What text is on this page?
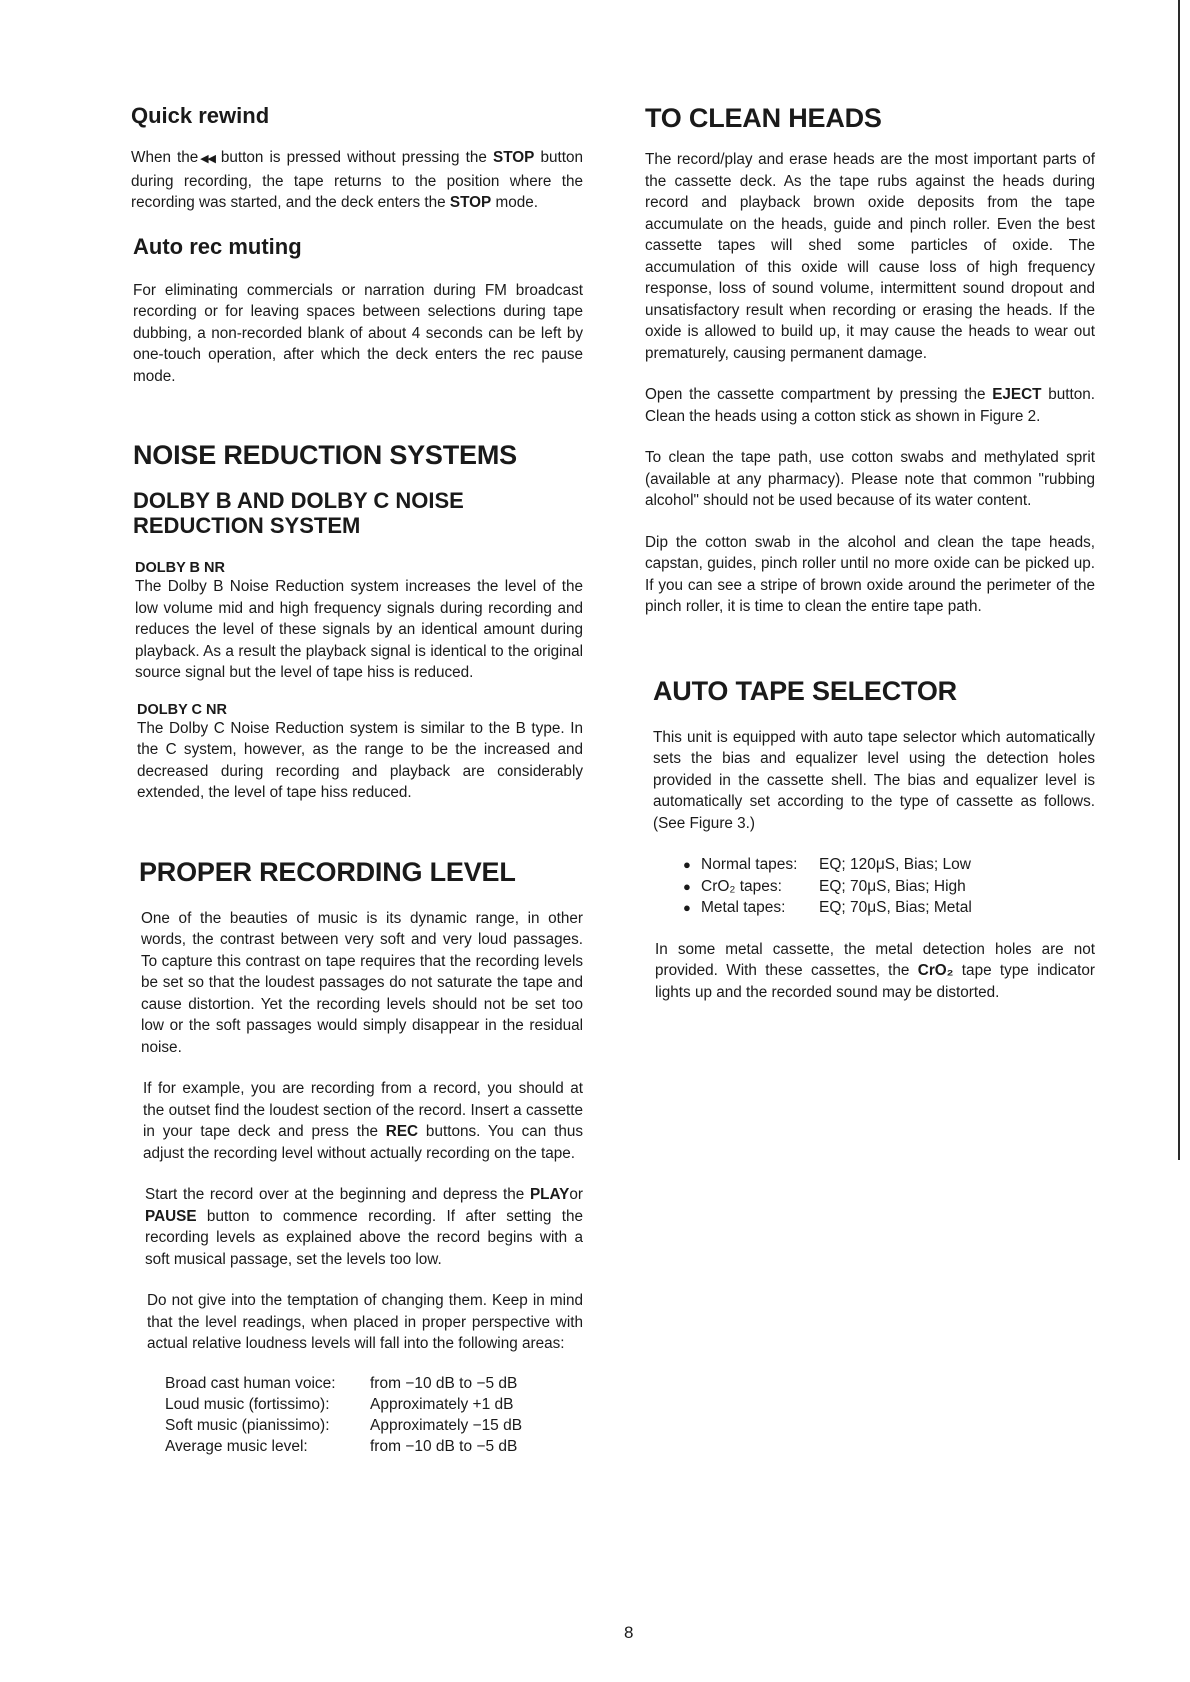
Quick rewind

When the◀◀ button is pressed without pressing the STOP button during recording, the tape returns to the position where the recording was started, and the deck enters the STOP mode.

Auto rec muting

For eliminating commercials or narration during FM broadcast recording or for leaving spaces between selections during tape dubbing, a non-recorded blank of about 4 seconds can be left by one-touch operation, after which the deck enters the rec pause mode.

NOISE REDUCTION SYSTEMS
DOLBY B AND DOLBY C NOISE REDUCTION SYSTEM
DOLBY B NR

The Dolby B Noise Reduction system increases the level of the low volume mid and high frequency signals during recording and reduces the level of these signals by an identical amount during playback. As a result the playback signal is identical to the original source signal but the level of tape hiss is reduced.

DOLBY C NR

The Dolby C Noise Reduction system is similar to the B type. In the C system, however, as the range to be the increased and decreased during recording and playback are considerably extended, the level of tape hiss reduced.

PROPER RECORDING LEVEL

One of the beauties of music is its dynamic range, in other words, the contrast between very soft and very loud passages. To capture this contrast on tape requires that the recording levels be set so that the loudest passages do not saturate the tape and cause distortion. Yet the recording levels should not be set too low or the soft passages would simply disappear in the residual noise.

If for example, you are recording from a record, you should at the outset find the loudest section of the record. Insert a cassette in your tape deck and press the REC buttons. You can thus adjust the recording level without actually recording on the tape.

Start the record over at the beginning and depress the PLAYor PAUSE button to commence recording. If after setting the recording levels as explained above the record begins with a soft musical passage, set the levels too low.

Do not give into the temptation of changing them. Keep in mind that the level readings, when placed in proper perspective with actual relative loudness levels will fall into the following areas:

Broad cast human voice:	from −10 dB to −5 dB
Loud music (fortissimo):	Approximately +1 dB
Soft music (pianissimo):	Approximately −15 dB
Average music level:	from −10 dB to −5 dB
TO CLEAN HEADS

The record/play and erase heads are the most important parts of the cassette deck. As the tape rubs against the heads during record and playback brown oxide deposits from the tape accumulate on the heads, guide and pinch roller. Even the best cassette tapes will shed some particles of oxide. The accumulation of this oxide will cause loss of high frequency response, loss of sound volume, intermittent sound dropout and unsatisfactory result when recording or erasing the heads. If the oxide is allowed to build up, it may cause the heads to wear out prematurely, causing permanent damage.

Open the cassette compartment by pressing the EJECT button. Clean the heads using a cotton stick as shown in Figure 2.

To clean the tape path, use cotton swabs and methylated sprit (available at any pharmacy). Please note that common "rubbing alcohol" should not be used because of its water content.

Dip the cotton swab in the alcohol and clean the tape heads, capstan, guides, pinch roller until no more oxide can be picked up. If you can see a stripe of brown oxide around the perimeter of the pinch roller, it is time to clean the entire tape path.

AUTO TAPE SELECTOR

This unit is equipped with auto tape selector which automatically sets the bias and equalizer level using the detection holes provided in the cassette shell. The bias and equalizer level is automatically set according to the type of cassette as follows. (See Figure 3.)

● Normal tapes:	EQ; 120μS, Bias; Low
● CrO₂ tapes:	EQ; 70μS, Bias; High
● Metal tapes:	EQ; 70μS, Bias; Metal

In some metal cassette, the metal detection holes are not provided. With these cassettes, the CrO₂ tape type indicator lights up and the recorded sound may be distorted.

8
